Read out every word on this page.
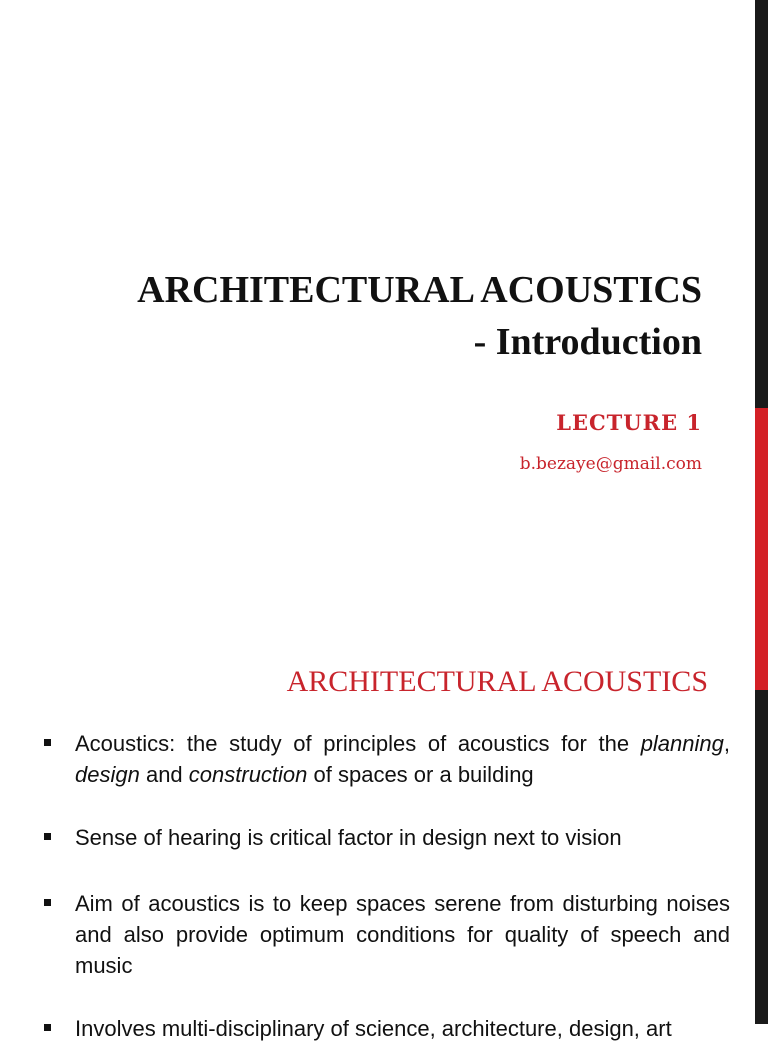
ARCHITECTURAL ACOUSTICS
- Introduction
LECTURE 1
b.bezaye@gmail.com
ARCHITECTURAL ACOUSTICS
Acoustics: the study of principles of acoustics for the planning, design and construction of spaces or a building
Sense of hearing is critical factor in design next to vision
Aim of acoustics is to keep spaces serene from disturbing noises and also provide optimum conditions for quality of speech and music
Involves multi-disciplinary of science, architecture, design, art
